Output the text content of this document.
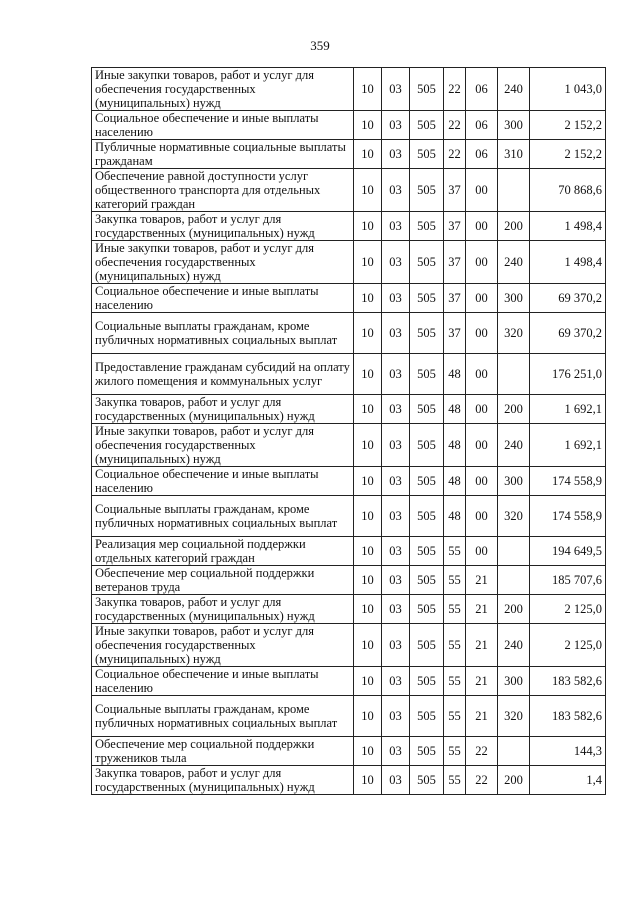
359
Иные закупки товаров, работ и услуг для обеспечения государственных (муниципальных) нужд	10	03	505	22	06	240	1 043,0
Социальное обеспечение и иные выплаты населению	10	03	505	22	06	300	2 152,2
Публичные нормативные социальные выплаты гражданам	10	03	505	22	06	310	2 152,2
Обеспечение равной доступности услуг общественного транспорта для отдельных категорий граждан	10	03	505	37	00		70 868,6
Закупка товаров, работ и услуг для государственных (муниципальных) нужд	10	03	505	37	00	200	1 498,4
Иные закупки товаров, работ и услуг для обеспечения государственных (муниципальных) нужд	10	03	505	37	00	240	1 498,4
Социальное обеспечение и иные выплаты населению	10	03	505	37	00	300	69 370,2
Социальные выплаты гражданам, кроме публичных нормативных социальных выплат	10	03	505	37	00	320	69 370,2
Предоставление гражданам субсидий на оплату жилого помещения и коммунальных услуг	10	03	505	48	00		176 251,0
Закупка товаров, работ и услуг для государственных (муниципальных) нужд	10	03	505	48	00	200	1 692,1
Иные закупки товаров, работ и услуг для обеспечения государственных (муниципальных) нужд	10	03	505	48	00	240	1 692,1
Социальное обеспечение и иные выплаты населению	10	03	505	48	00	300	174 558,9
Социальные выплаты гражданам, кроме публичных нормативных социальных выплат	10	03	505	48	00	320	174 558,9
Реализация мер социальной поддержки отдельных категорий граждан	10	03	505	55	00		194 649,5
Обеспечение мер социальной поддержки ветеранов труда	10	03	505	55	21		185 707,6
Закупка товаров, работ и услуг для государственных (муниципальных) нужд	10	03	505	55	21	200	2 125,0
Иные закупки товаров, работ и услуг для обеспечения государственных (муниципальных) нужд	10	03	505	55	21	240	2 125,0
Социальное обеспечение и иные выплаты населению	10	03	505	55	21	300	183 582,6
Социальные выплаты гражданам, кроме публичных нормативных социальных выплат	10	03	505	55	21	320	183 582,6
Обеспечение мер социальной поддержки тружеников тыла	10	03	505	55	22		144,3
Закупка товаров, работ и услуг для государственных (муниципальных) нужд	10	03	505	55	22	200	1,4
